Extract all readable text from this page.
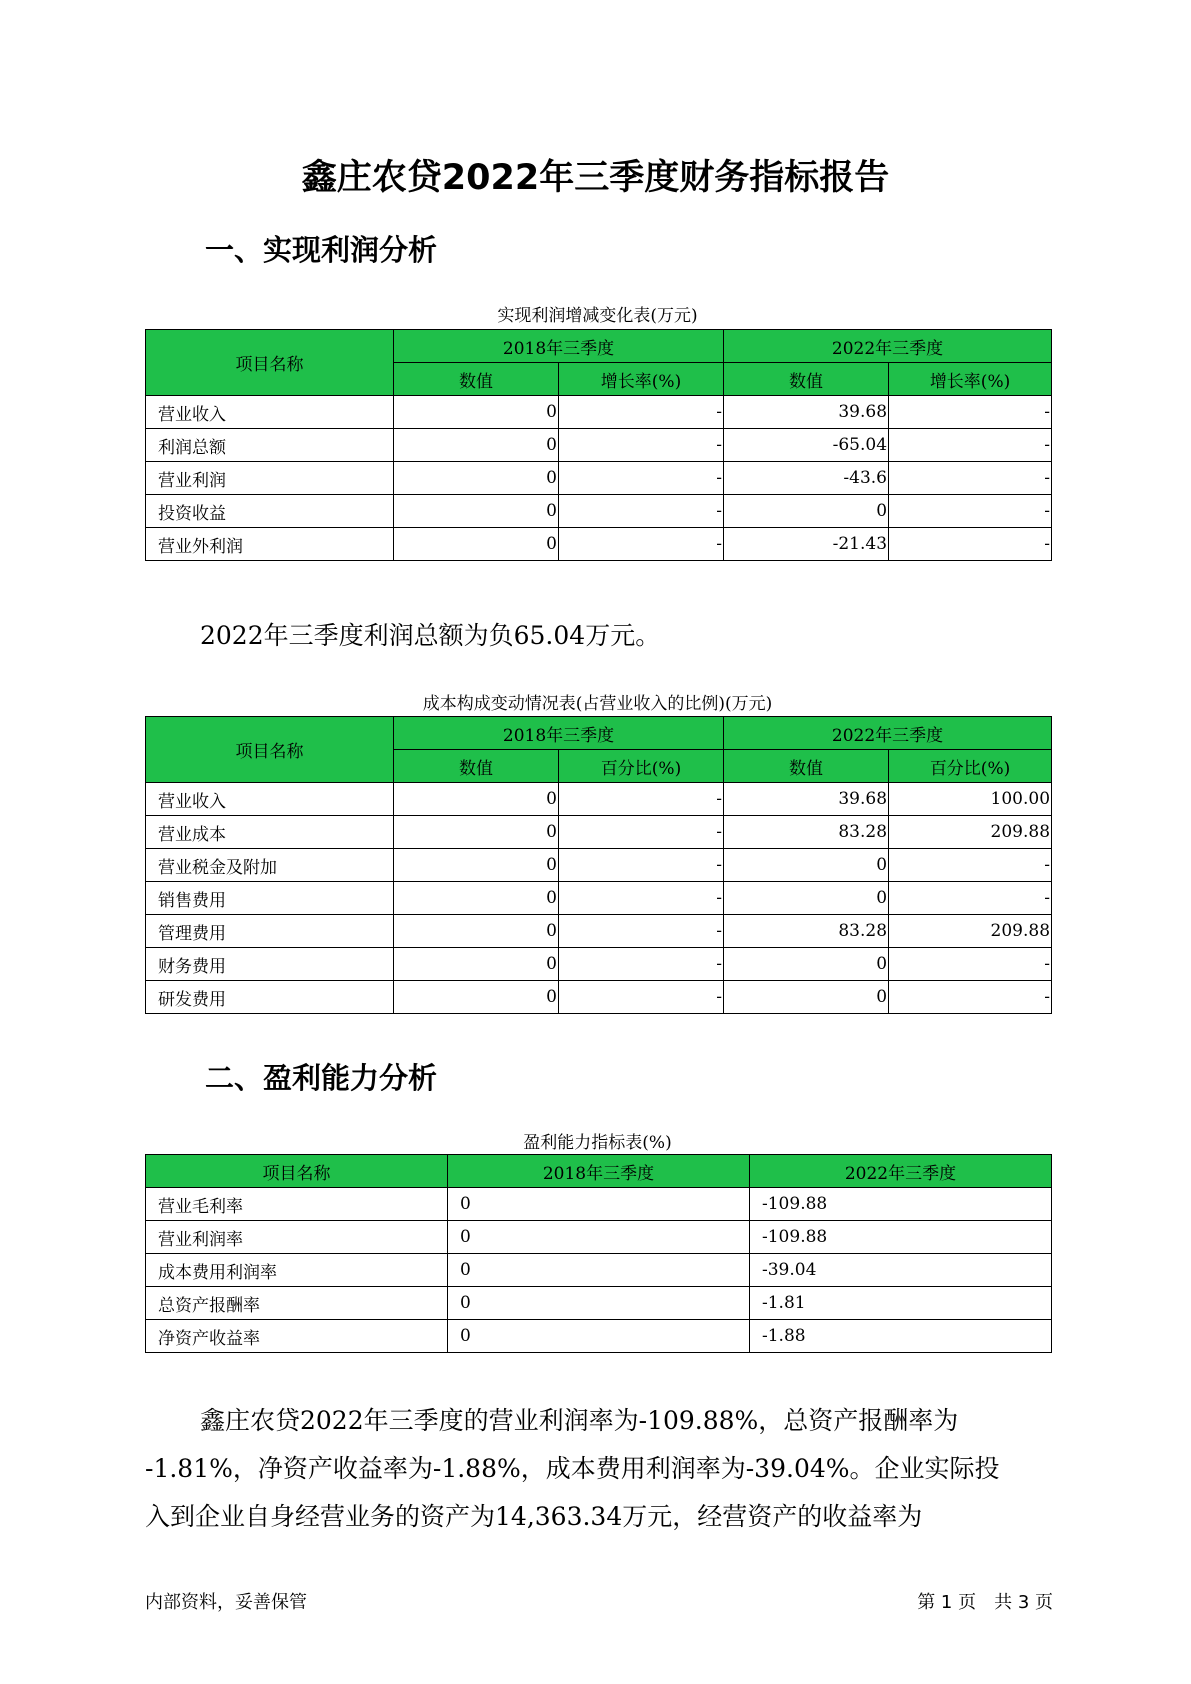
鑫庄农贷2022年三季度财务指标报告
一、实现利润分析
实现利润增减变化表(万元)
项目名称	2018年三季度		2022年三季度	
	数值	增长率(%)	数值	增长率(%)
营业收入	0	-	39.68	-
利润总额	0	-	-65.04	-
营业利润	0	-	-43.6	-
投资收益	0	-	0	-
营业外利润	0	-	-21.43	-
2022年三季度利润总额为负65.04万元。
成本构成变动情况表(占营业收入的比例)(万元)
项目名称	2018年三季度		2022年三季度	
	数值	百分比(%)	数值	百分比(%)
营业收入	0	-	39.68	100.00
营业成本	0	-	83.28	209.88
营业税金及附加	0	-	0	-
销售费用	0	-	0	-
管理费用	0	-	83.28	209.88
财务费用	0	-	0	-
研发费用	0	-	0	-
二、盈利能力分析
盈利能力指标表(%)
项目名称	2018年三季度	2022年三季度
营业毛利率	0	-109.88
营业利润率	0	-109.88
成本费用利润率	0	-39.04
总资产报酬率	0	-1.81
净资产收益率	0	-1.88
鑫庄农贷2022年三季度的营业利润率为-109.88%，总资产报酬率为
-1.81%，净资产收益率为-1.88%，成本费用利润率为-39.04%。企业实际投
入到企业自身经营业务的资产为14,363.34万元，经营资产的收益率为
内部资料，妥善保管	第 1 页　共 3 页
